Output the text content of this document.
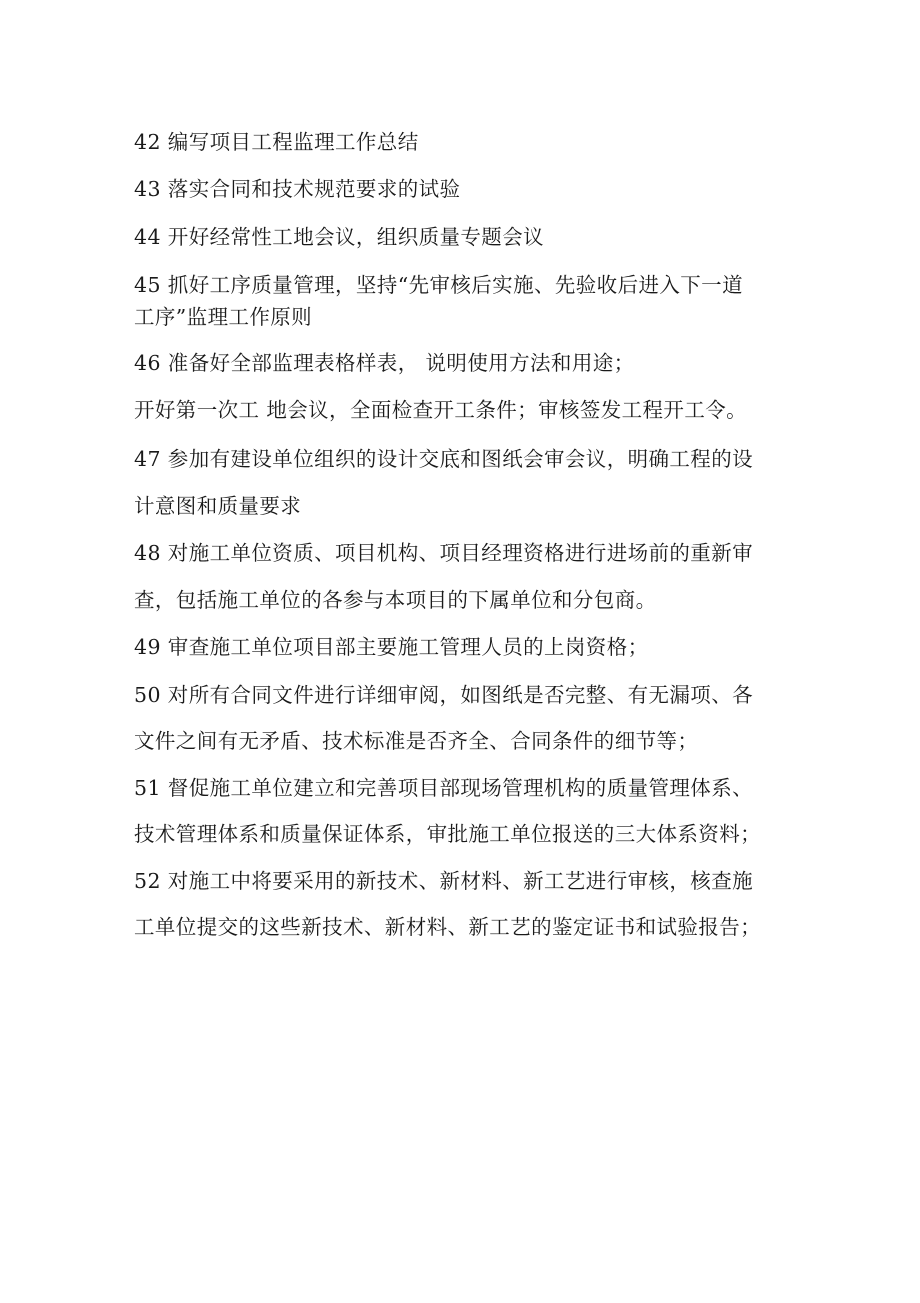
42 编写项目工程监理工作总结
43 落实合同和技术规范要求的试验
44 开好经常性工地会议，组织质量专题会议
45 抓好工序质量管理，坚持“先审核后实施、先验收后进入下一道
工序”监理工作原则
46 准备好全部监理表格样表， 说明使用方法和用途；
开好第一次工 地会议，全面检查开工条件；审核签发工程开工令。
47 参加有建设单位组织的设计交底和图纸会审会议，明确工程的设
计意图和质量要求
48 对施工单位资质、项目机构、项目经理资格进行进场前的重新审
查，包括施工单位的各参与本项目的下属单位和分包商。
49 审查施工单位项目部主要施工管理人员的上岗资格；
50 对所有合同文件进行详细审阅，如图纸是否完整、有无漏项、各
文件之间有无矛盾、技术标准是否齐全、合同条件的细节等；
51 督促施工单位建立和完善项目部现场管理机构的质量管理体系、
技术管理体系和质量保证体系，审批施工单位报送的三大体系资料；
52 对施工中将要采用的新技术、新材料、新工艺进行审核，核查施
工单位提交的这些新技术、新材料、新工艺的鉴定证书和试验报告；
